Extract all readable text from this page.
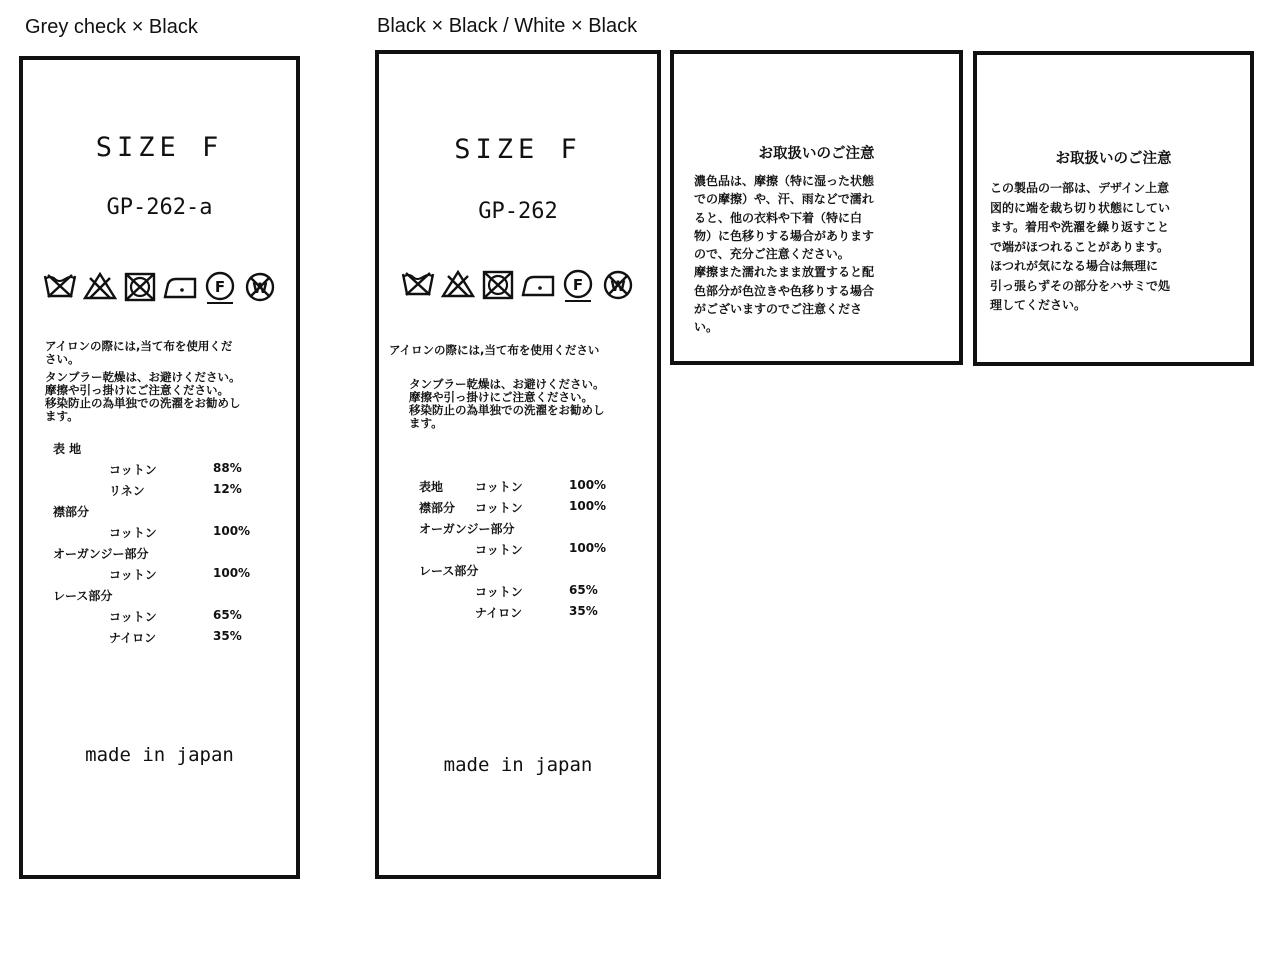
Grey check × Black	Black × Black / White × Black
SIZE F
GP-262-a
F W
アイロンの際には,当て布を使用くだ
さい。
タンブラー乾燥は、お避けください。
摩擦や引っ掛けにご注意ください。
移染防止の為単独での洗濯をお勧めし
ます。
表 地
コットン	88%
リネン	12%
襟部分
コットン	100%
オーガンジー部分
コットン	100%
レース部分
コットン	65%
ナイロン	35%
made in japan
SIZE F
GP-262
F W
アイロンの際には,当て布を使用ください
タンブラー乾燥は、お避けください。
摩擦や引っ掛けにご注意ください。
移染防止の為単独での洗濯をお勧めし
ます。
表地	コットン	100%
襟部分 コットン	100%
オーガンジー部分
コットン	100%
レース部分
コットン	65%
ナイロン	35%
made in japan
お取扱いのご注意
濃色品は、摩擦（特に湿った状態
での摩擦）や、汗、雨などで濡れ
ると、他の衣料や下着（特に白
物）に色移りする場合があります
ので、充分ご注意ください。
摩擦また濡れたまま放置すると配
色部分が色泣きや色移りする場合
がございますのでご注意くださ
い。
お取扱いのご注意
この製品の一部は、デザイン上意
図的に端を裁ち切り状態にしてい
ます。着用や洗濯を繰り返すこと
で端がほつれることがあります。
ほつれが気になる場合は無理に
引っ張らずその部分をハサミで処
理してください。
